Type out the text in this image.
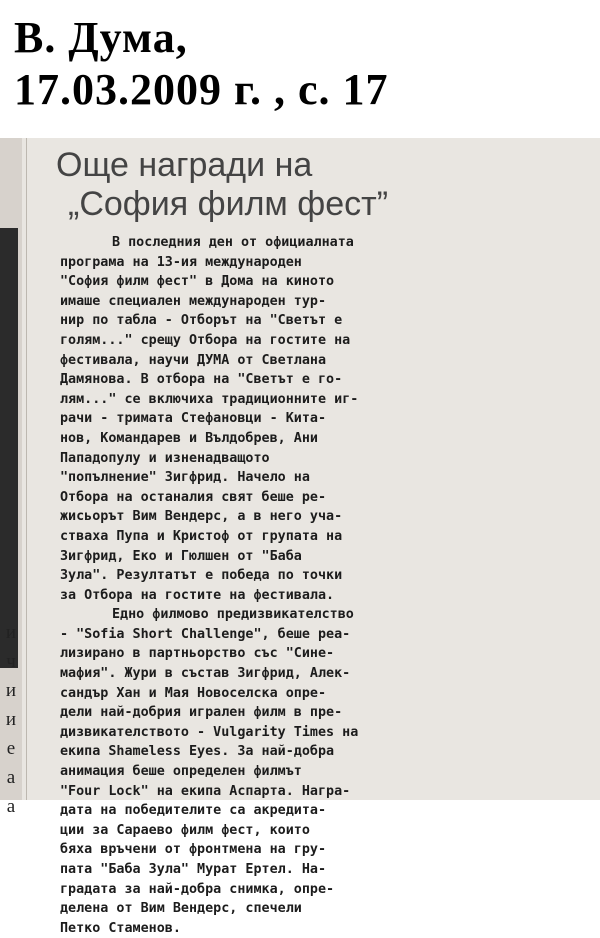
В. Дума,
17.03.2009 г. , с. 17
и
ч
и
и
е
а
а
Още награди на
„София филм фест”
В последния ден от официалната
програма на 13-ия международен
"София филм фест" в Дома на киното
имаше специален международен тур-
нир по табла - Отборът на "Светът е
голям..." срещу Отбора на гостите на
фестивала, научи ДУМА от Светлана
Дамянова. В отбора на "Светът е го-
лям..." се включиха традиционните иг-
рачи - тримата Стефановци - Кита-
нов, Командарев и Вълдобрев, Ани
Пападопулу и изненадващото
"попълнение" Зигфрид. Начело на
Отбора на останалия свят беше ре-
жисьорът Вим Вендерс, а в него уча-
стваха Пупа и Кристоф от групата на
Зигфрид, Еко и Гюлшен от "Баба
Зула". Резултатът е победа по точки
за Отбора на гостите на фестивала.
Едно филмово предизвикателство
- "Sofia Short Challenge", беше реа-
лизирано в партньорство със "Сине-
мафия". Жури в състав Зигфрид, Алек-
сандър Хан и Мая Новоселска опре-
дели най-добрия игрален филм в пре-
дизвикателството - Vulgarity Times на
екипа Shameless Eyes. За най-добра
анимация беше определен филмът
"Four Lock" на екипа Аспарта. Награ-
дата на победителите са акредита-
ции за Сараево филм фест, които
бяха връчени от фронтмена на гру-
пата "Баба Зула" Мурат Ертел. На-
градата за най-добра снимка, опре-
делена от Вим Вендерс, спечели
Петко Стаменов.
